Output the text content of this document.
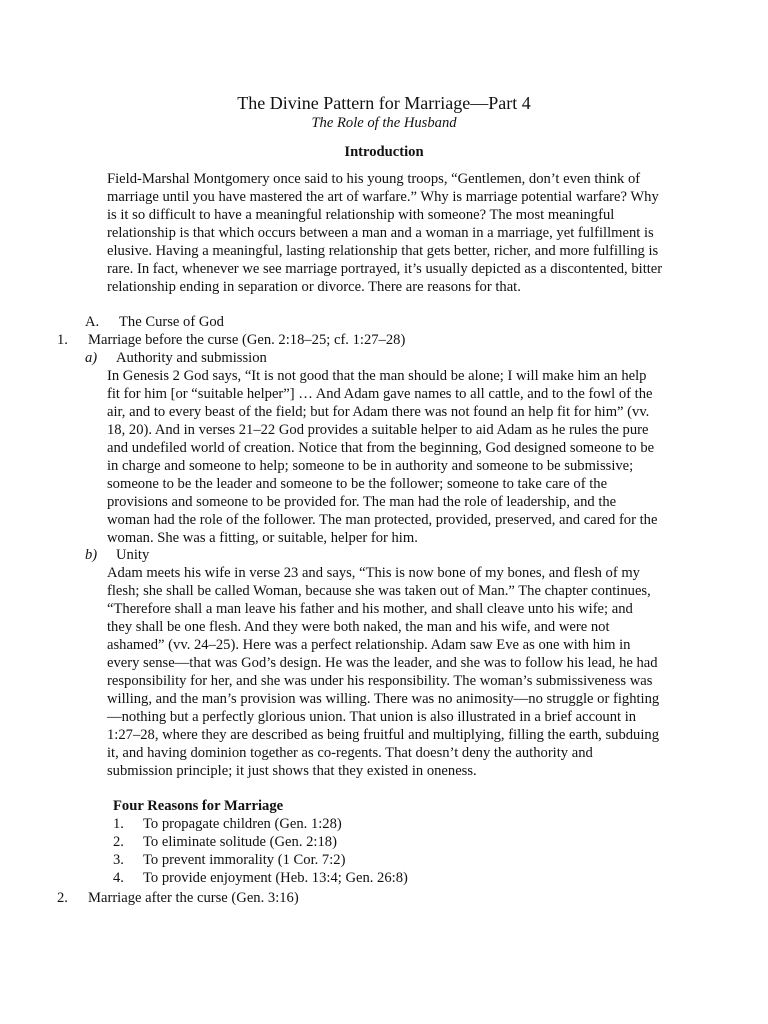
The Divine Pattern for Marriage—Part 4
The Role of the Husband
Introduction

Field-Marshal Montgomery once said to his young troops, “Gentlemen, don’t even think of marriage until you have mastered the art of warfare.” Why is marriage potential warfare? Why is it so difficult to have a meaningful relationship with someone? The most meaningful relationship is that which occurs between a man and a woman in a marriage, yet fulfillment is elusive. Having a meaningful, lasting relationship that gets better, richer, and more fulfilling is rare. In fact, whenever we see marriage portrayed, it’s usually depicted as a discontented, bitter relationship ending in separation or divorce. There are reasons for that.

A. The Curse of God
1. Marriage before the curse (Gen. 2:18–25; cf. 1:27–28)
a) Authority and submission

In Genesis 2 God says, “It is not good that the man should be alone; I will make him an help fit for him [or “suitable helper”] … And Adam gave names to all cattle, and to the fowl of the air, and to every beast of the field; but for Adam there was not found an help fit for him” (vv. 18, 20). And in verses 21–22 God provides a suitable helper to aid Adam as he rules the pure and undefiled world of creation. Notice that from the beginning, God designed someone to be in charge and someone to help; someone to be in authority and someone to be submissive; someone to be the leader and someone to be the follower; someone to take care of the provisions and someone to be provided for. The man had the role of leadership, and the woman had the role of the follower. The man protected, provided, preserved, and cared for the woman. She was a fitting, or suitable, helper for him.

b) Unity

Adam meets his wife in verse 23 and says, “This is now bone of my bones, and flesh of my flesh; she shall be called Woman, because she was taken out of Man.” The chapter continues, “Therefore shall a man leave his father and his mother, and shall cleave unto his wife; and they shall be one flesh. And they were both naked, the man and his wife, and were not ashamed” (vv. 24–25). Here was a perfect relationship. Adam saw Eve as one with him in every sense—that was God’s design. He was the leader, and she was to follow his lead, he had responsibility for her, and she was under his responsibility. The woman’s submissiveness was willing, and the man’s provision was willing. There was no animosity—no struggle or fighting—nothing but a perfectly glorious union. That union is also illustrated in a brief account in 1:27–28, where they are described as being fruitful and multiplying, filling the earth, subduing it, and having dominion together as co-regents. That doesn’t deny the authority and submission principle; it just shows that they existed in oneness.

Four Reasons for Marriage
1. To propagate children (Gen. 1:28)
2. To eliminate solitude (Gen. 2:18)
3. To prevent immorality (1 Cor. 7:2)
4. To provide enjoyment (Heb. 13:4; Gen. 26:8)
2. Marriage after the curse (Gen. 3:16)
